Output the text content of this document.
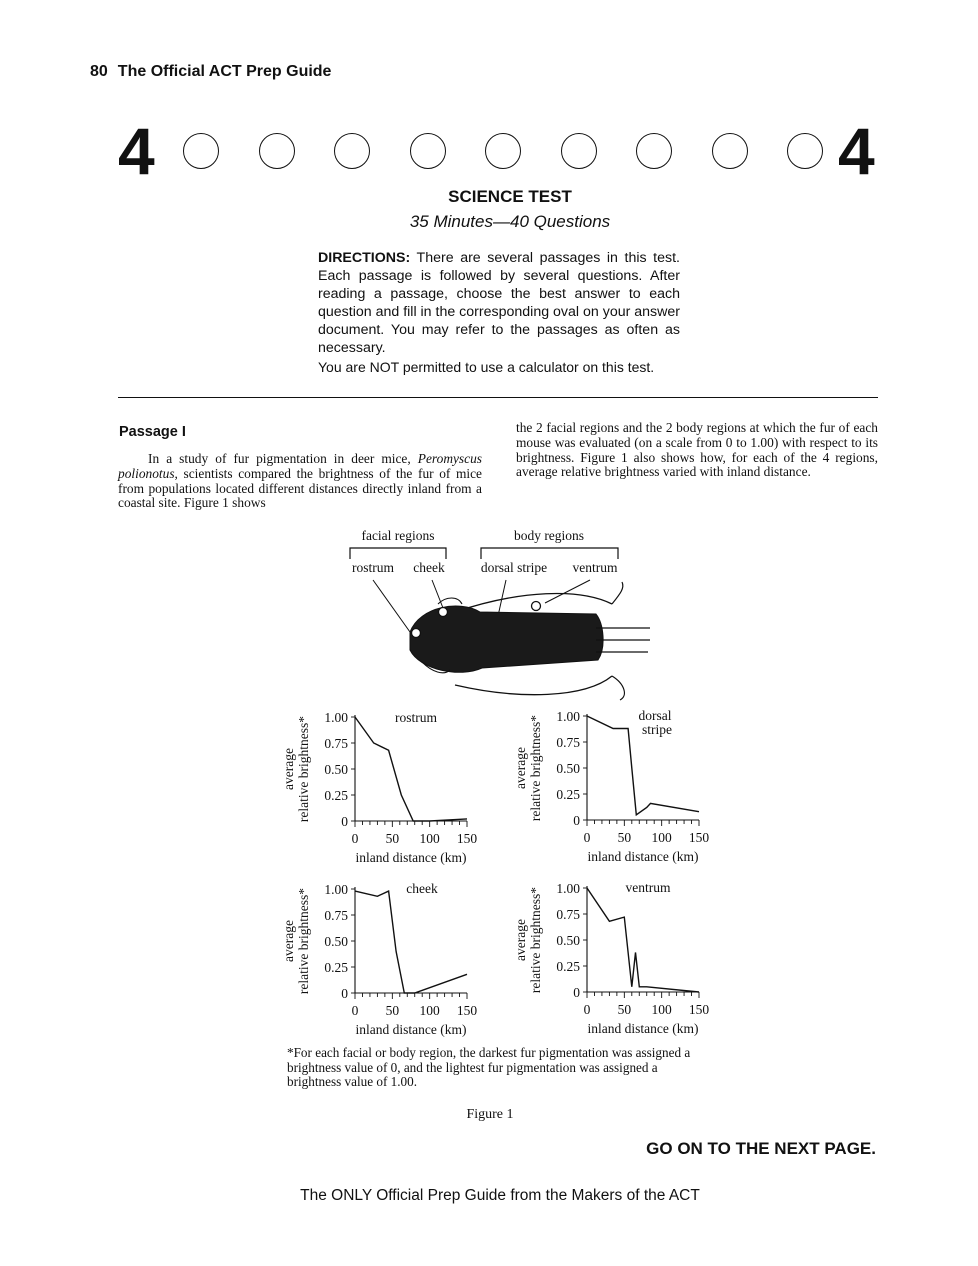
80 The Official ACT Prep Guide
4	4
SCIENCE TEST
35 Minutes—40 Questions
DIRECTIONS: There are several passages in this test. Each passage is followed by several questions. After reading a passage, choose the best answer to each question and fill in the corresponding oval on your answer document. You may refer to the passages as often as necessary.
You are NOT permitted to use a calculator on this test.
Passage I
In a study of fur pigmentation in deer mice, Peromyscus polionotus, scientists compared the brightness of the fur of mice from populations located different distances directly inland from a coastal site. Figure 1 shows
the 2 facial regions and the 2 body regions at which the fur of each mouse was evaluated (on a scale from 0 to 1.00) with respect to its brightness. Figure 1 also shows how, for each of the 4 regions, average relative brightness varied with inland distance.
facial regions	body regions
rostrum cheek	dorsal stripe ventrum
0
0.25
0.50
0.75
1.00
0 50 100 150
inland distance (km)
average relative brightness*	rostrum
0
0.25
0.50
0.75
1.00
0 50 100 150
inland distance (km)
average relative brightness*	dorsal
stripe
0
0.25
0.50
0.75
1.00
0 50 100 150
inland distance (km)
average relative brightness*	cheek
0
0.25
0.50
0.75
1.00
0 50 100 150
inland distance (km)
average relative brightness*	ventrum
*For each facial or body region, the darkest fur pigmentation was assigned a brightness value of 0, and the lightest fur pigmentation was assigned a brightness value of 1.00.
Figure 1
GO ON TO THE NEXT PAGE.
The ONLY Official Prep Guide from the Makers of the ACT
